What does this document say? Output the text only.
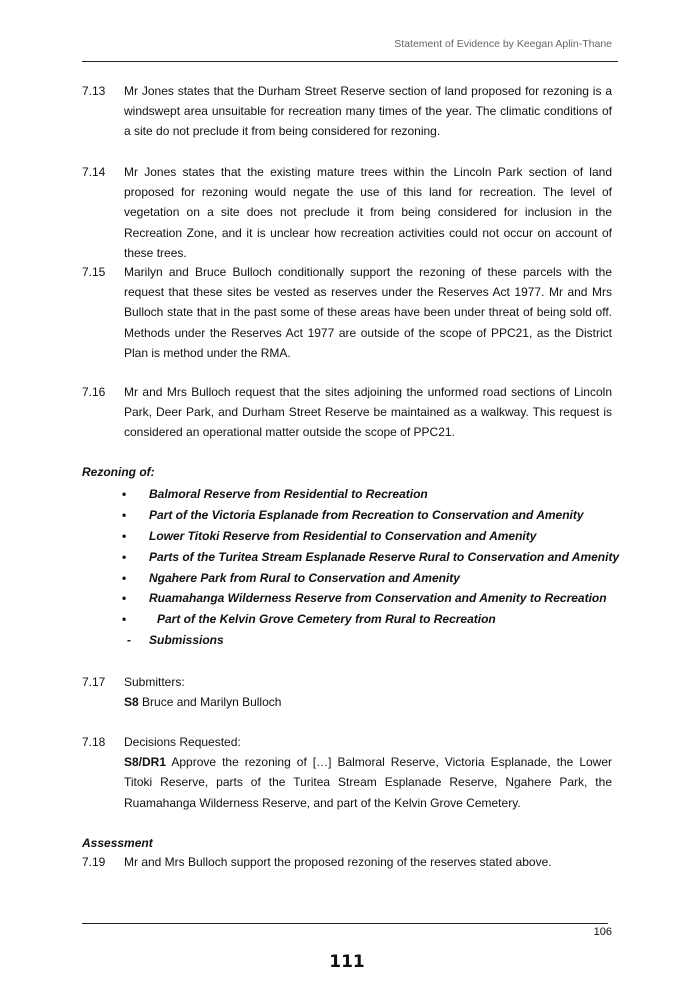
Statement of Evidence by Keegan Aplin-Thane
7.13 Mr Jones states that the Durham Street Reserve section of land proposed for rezoning is a windswept area unsuitable for recreation many times of the year. The climatic conditions of a site do not preclude it from being considered for rezoning.
7.14 Mr Jones states that the existing mature trees within the Lincoln Park section of land proposed for rezoning would negate the use of this land for recreation. The level of vegetation on a site does not preclude it from being considered for inclusion in the Recreation Zone, and it is unclear how recreation activities could not occur on account of these trees.
7.15 Marilyn and Bruce Bulloch conditionally support the rezoning of these parcels with the request that these sites be vested as reserves under the Reserves Act 1977. Mr and Mrs Bulloch state that in the past some of these areas have been under threat of being sold off. Methods under the Reserves Act 1977 are outside of the scope of PPC21, as the District Plan is method under the RMA.
7.16 Mr and Mrs Bulloch request that the sites adjoining the unformed road sections of Lincoln Park, Deer Park, and Durham Street Reserve be maintained as a walkway. This request is considered an operational matter outside the scope of PPC21.
Rezoning of:
• Balmoral Reserve from Residential to Recreation
• Part of the Victoria Esplanade from Recreation to Conservation and Amenity
• Lower Titoki Reserve from Residential to Conservation and Amenity
• Parts of the Turitea Stream Esplanade Reserve Rural to Conservation and Amenity
• Ngahere Park from Rural to Conservation and Amenity
• Ruamahanga Wilderness Reserve from Conservation and Amenity to Recreation
•	Part of the Kelvin Grove Cemetery from Rural to Recreation
- Submissions
7.17 Submitters:
S8 Bruce and Marilyn Bulloch
7.18 Decisions Requested:
S8/DR1 Approve the rezoning of […] Balmoral Reserve, Victoria Esplanade, the Lower Titoki Reserve, parts of the Turitea Stream Esplanade Reserve, Ngahere Park, the Ruamahanga Wilderness Reserve, and part of the Kelvin Grove Cemetery.
Assessment
7.19 Mr and Mrs Bulloch support the proposed rezoning of the reserves stated above.
106
111
